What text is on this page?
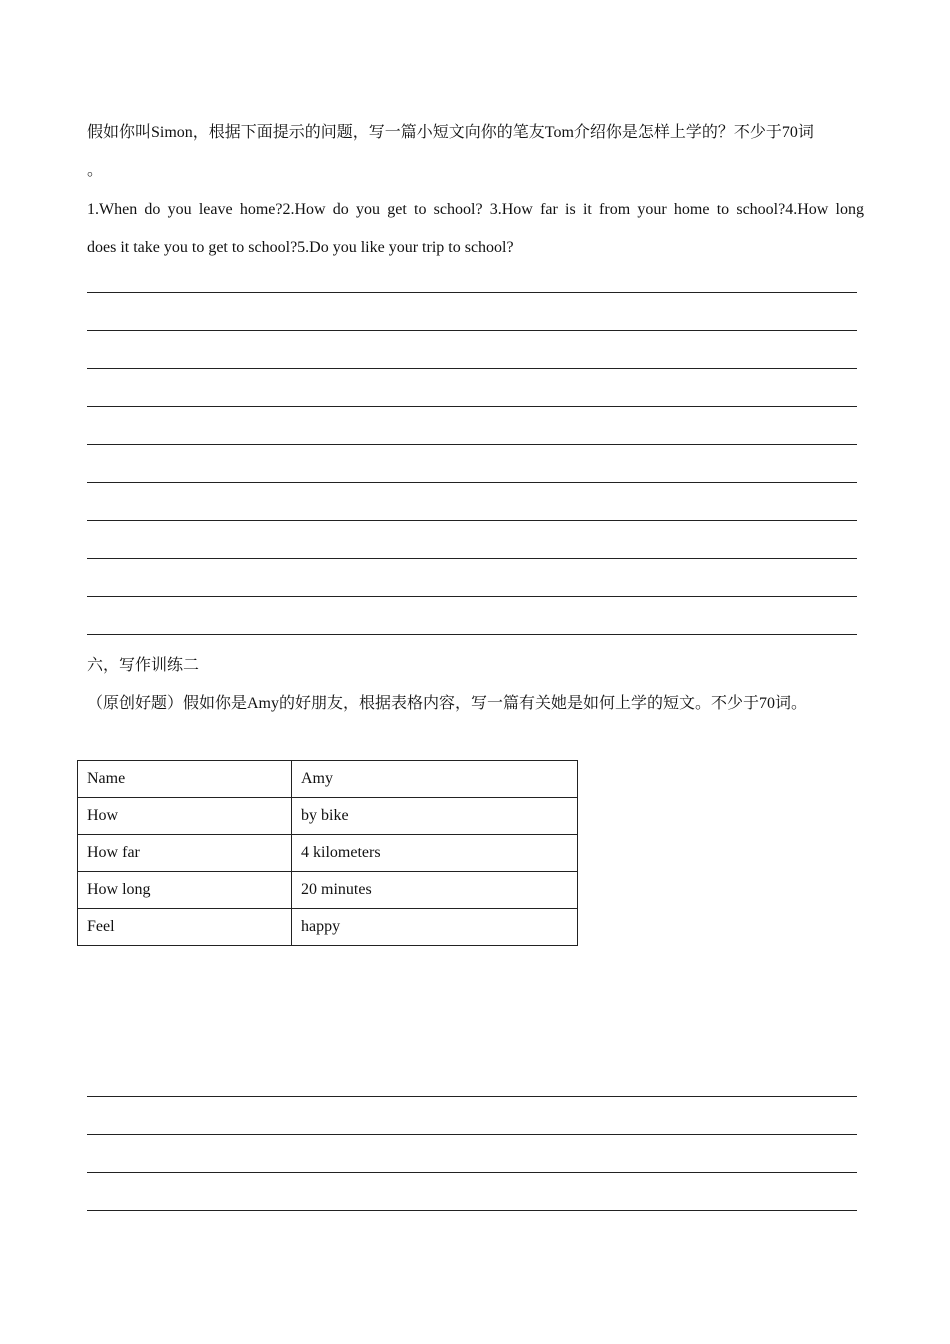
假如你叫Simon，根据下面提示的问题，写一篇小短文向你的笔友Tom介绍你是怎样上学的？不少于70词
。
1.When do you leave home?2.How do you get to school? 3.How far is it from your home to school?4.How long
does it take you to get to school?5.Do you like your trip to school?
六，写作训练二
（原创好题）假如你是Amy的好朋友，根据表格内容，写一篇有关她是如何上学的短文。不少于70词。
Name	Amy
How	by bike
How far	4 kilometers
How long	20 minutes
Feel	happy
